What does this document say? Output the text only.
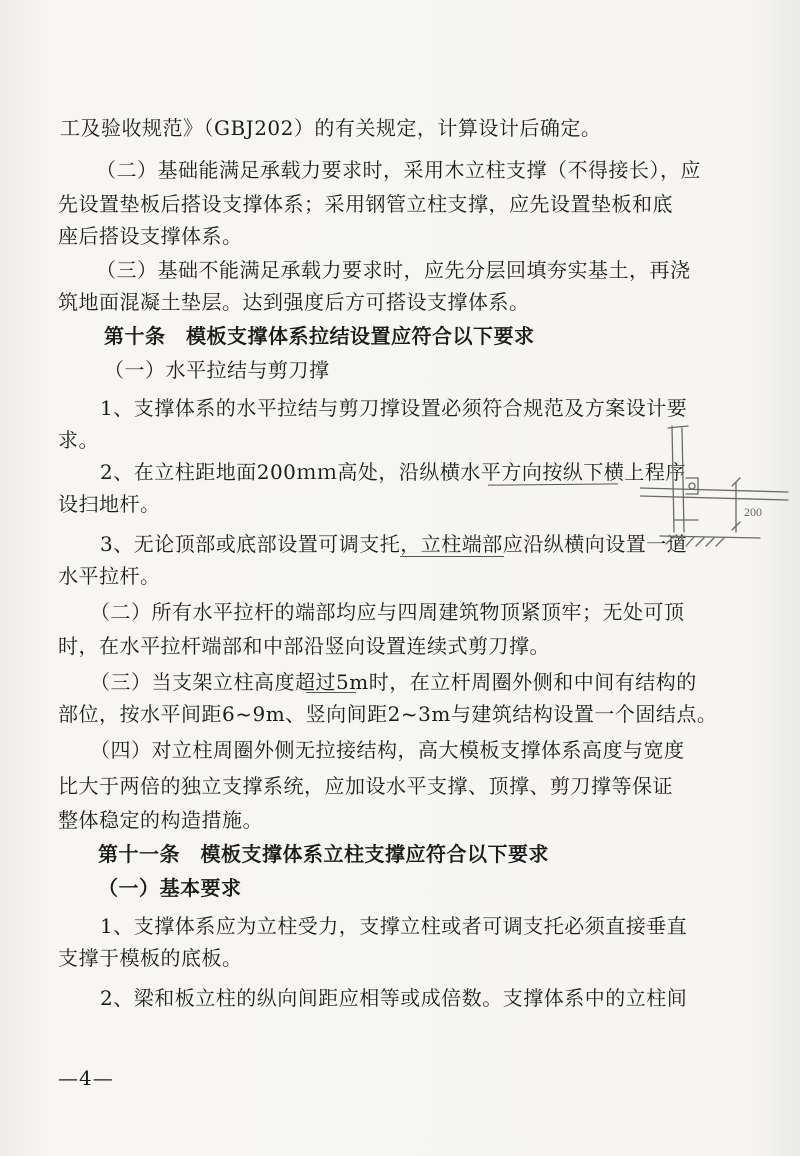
工及验收规范》（GBJ202）的有关规定，计算设计后确定。
（二）基础能满足承载力要求时，采用木立柱支撑（不得接长），应
先设置垫板后搭设支撑体系；采用钢管立柱支撑，应先设置垫板和底
座后搭设支撑体系。
（三）基础不能满足承载力要求时，应先分层回填夯实基土，再浇
筑地面混凝土垫层。达到强度后方可搭设支撑体系。
第十条　模板支撑体系拉结设置应符合以下要求
（一）水平拉结与剪刀撑
1、支撑体系的水平拉结与剪刀撑设置必须符合规范及方案设计要
求。
2、在立柱距地面200ｍｍ高处，沿纵横水平方向按纵下横上程序
设扫地杆。
3、无论顶部或底部设置可调支托，立柱端部应沿纵横向设置一道
水平拉杆。
（二）所有水平拉杆的端部均应与四周建筑物顶紧顶牢；无处可顶
时，在水平拉杆端部和中部沿竖向设置连续式剪刀撑。
（三）当支架立柱高度超过5m时，在立杆周圈外侧和中间有结构的
部位，按水平间距6~9m、竖向间距2~3m与建筑结构设置一个固结点。
（四）对立柱周圈外侧无拉接结构，高大模板支撑体系高度与宽度
比大于两倍的独立支撑系统，应加设水平支撑、顶撑、剪刀撑等保证
整体稳定的构造措施。
第十一条　模板支撑体系立柱支撑应符合以下要求
（一）基本要求
1、支撑体系应为立柱受力，支撑立柱或者可调支托必须直接垂直
支撑于模板的底板。
2、梁和板立柱的纵向间距应相等或成倍数。支撑体系中的立柱间
—4—
200
